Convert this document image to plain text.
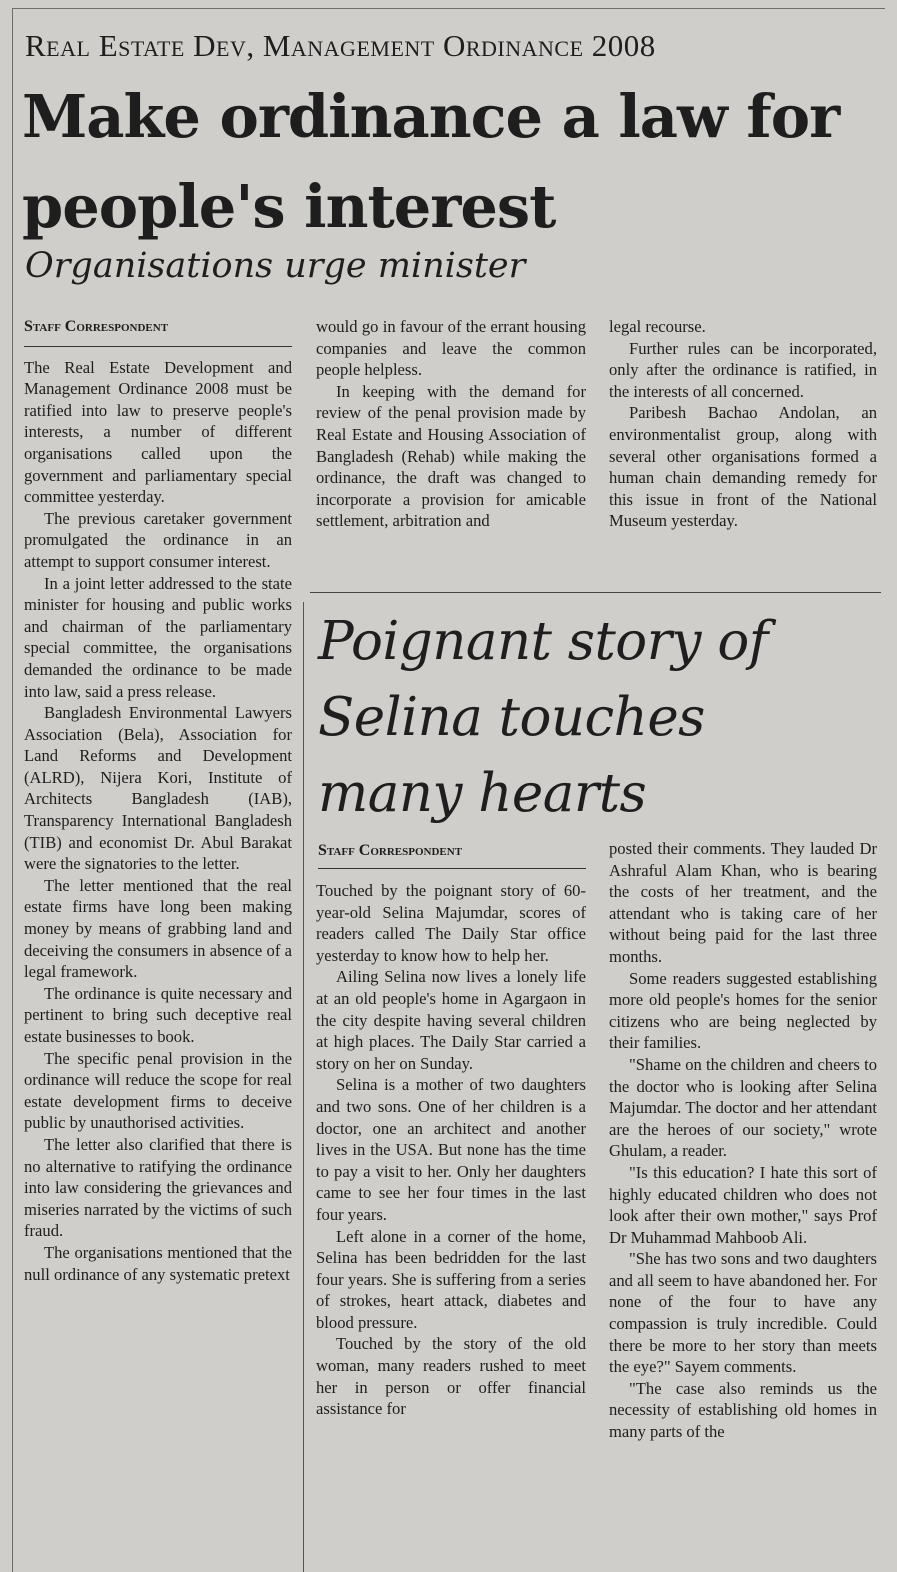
Real Estate Dev, Management Ordinance 2008
Make ordinance a law for
people's interest
Organisations urge minister
Staff Correspondent

The Real Estate Development and Management Ordinance 2008 must be ratified into law to preserve people's interests, a number of different organisations called upon the government and parliamentary special committee yesterday.

The previous caretaker government promulgated the ordinance in an attempt to support consumer interest.

In a joint letter addressed to the state minister for housing and public works and chairman of the parliamentary special committee, the organisations demanded the ordinance to be made into law, said a press release.

Bangladesh Environmental Lawyers Association (Bela), Association for Land Reforms and Development (ALRD), Nijera Kori, Institute of Architects Bangladesh (IAB), Transparency International Bangladesh (TIB) and economist Dr. Abul Barakat were the signatories to the letter.

The letter mentioned that the real estate firms have long been making money by means of grabbing land and deceiving the consumers in absence of a legal framework.

The ordinance is quite necessary and pertinent to bring such deceptive real estate businesses to book.

The specific penal provision in the ordinance will reduce the scope for real estate development firms to deceive public by unauthorised activities.

The letter also clarified that there is no alternative to ratifying the ordinance into law considering the grievances and miseries narrated by the victims of such fraud.

The organisations mentioned that the null ordinance of any systematic pretext

would go in favour of the errant housing companies and leave the common people helpless.

In keeping with the demand for review of the penal provision made by Real Estate and Housing Association of Bangladesh (Rehab) while making the ordinance, the draft was changed to incorporate a provision for amicable settlement, arbitration and

legal recourse.

Further rules can be incorporated, only after the ordinance is ratified, in the interests of all concerned.

Paribesh Bachao Andolan, an environmentalist group, along with several other organisations formed a human chain demanding remedy for this issue in front of the National Museum yesterday.

Poignant story of
Selina touches
many hearts
Staff Correspondent

Touched by the poignant story of 60-year-old Selina Majumdar, scores of readers called The Daily Star office yesterday to know how to help her.

Ailing Selina now lives a lonely life at an old people's home in Agargaon in the city despite having several children at high places. The Daily Star carried a story on her on Sunday.

Selina is a mother of two daughters and two sons. One of her children is a doctor, one an architect and another lives in the USA. But none has the time to pay a visit to her. Only her daughters came to see her four times in the last four years.

Left alone in a corner of the home, Selina has been bedridden for the last four years. She is suffering from a series of strokes, heart attack, diabetes and blood pressure.

Touched by the story of the old woman, many readers rushed to meet her in person or offer financial assistance for

posted their comments. They lauded Dr Ashraful Alam Khan, who is bearing the costs of her treatment, and the attendant who is taking care of her without being paid for the last three months.

Some readers suggested establishing more old people's homes for the senior citizens who are being neglected by their families.

"Shame on the children and cheers to the doctor who is looking after Selina Majumdar. The doctor and her attendant are the heroes of our society," wrote Ghulam, a reader.

"Is this education? I hate this sort of highly educated children who does not look after their own mother," says Prof Dr Muhammad Mahboob Ali.

"She has two sons and two daughters and all seem to have abandoned her. For none of the four to have any compassion is truly incredible. Could there be more to her story than meets the eye?" Sayem comments.

"The case also reminds us the necessity of establishing old homes in many parts of the
